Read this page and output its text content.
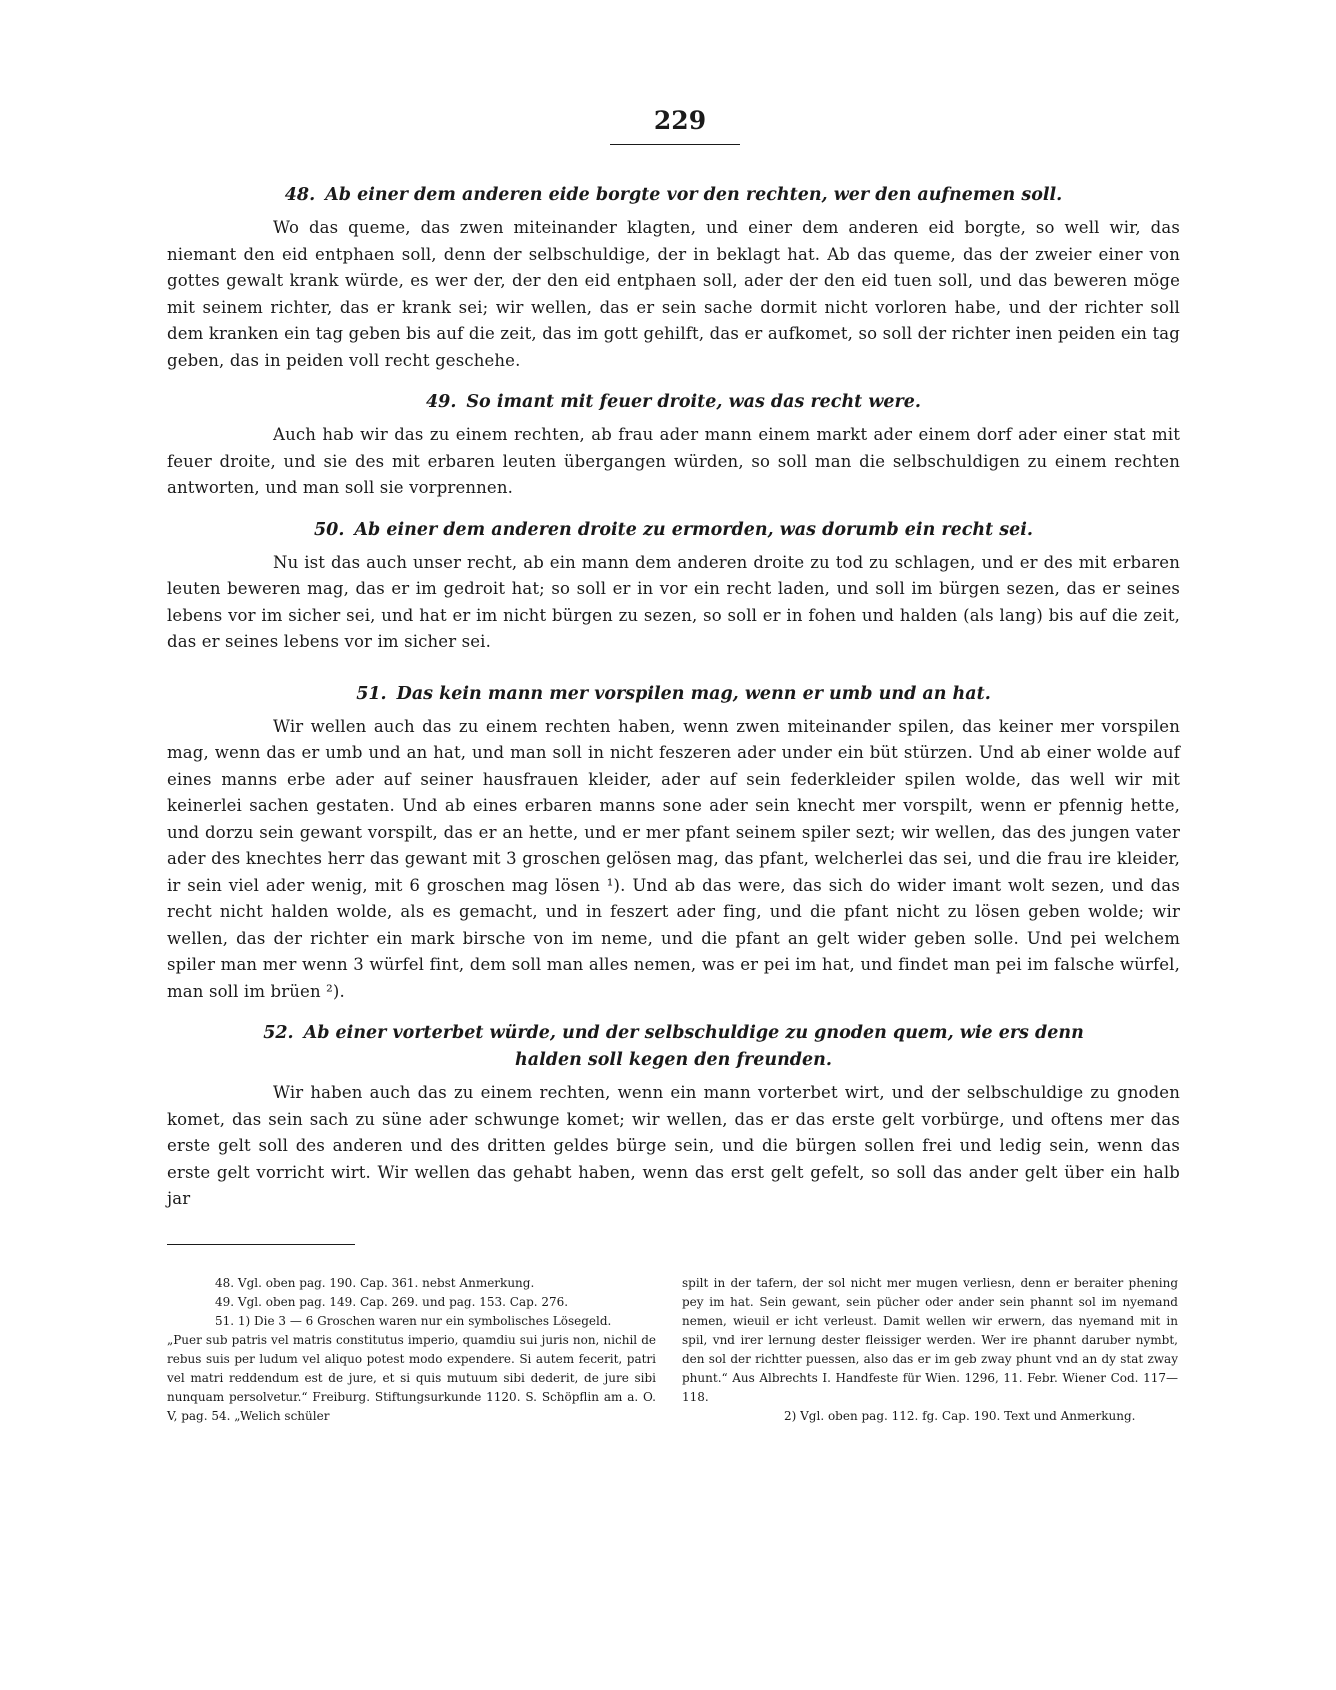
229
48. Ab einer dem anderen eide borgte vor den rechten, wer den aufnemen soll.

Wo das queme, das zwen miteinander klagten, und einer dem anderen eid borgte, so well wir, das niemant den eid entphaen soll, denn der selbschuldige, der in beklagt hat. Ab das queme, das der zweier einer von gottes gewalt krank würde, es wer der, der den eid entphaen soll, ader der den eid tuen soll, und das beweren möge mit seinem richter, das er krank sei; wir wellen, das er sein sache dormit nicht vorloren habe, und der richter soll dem kranken ein tag geben bis auf die zeit, das im gott gehilft, das er aufkomet, so soll der richter inen peiden ein tag geben, das in peiden voll recht geschehe.

49. So imant mit feuer droite, was das recht were.

Auch hab wir das zu einem rechten, ab frau ader mann einem markt ader einem dorf ader einer stat mit feuer droite, und sie des mit erbaren leuten übergangen würden, so soll man die selbschuldigen zu einem rechten antworten, und man soll sie vorprennen.

50. Ab einer dem anderen droite zu ermorden, was dorumb ein recht sei.

Nu ist das auch unser recht, ab ein mann dem anderen droite zu tod zu schlagen, und er des mit erbaren leuten beweren mag, das er im gedroit hat; so soll er in vor ein recht laden, und soll im bürgen sezen, das er seines lebens vor im sicher sei, und hat er im nicht bürgen zu sezen, so soll er in fohen und halden (als lang) bis auf die zeit, das er seines lebens vor im sicher sei.

51. Das kein mann mer vorspilen mag, wenn er umb und an hat.

Wir wellen auch das zu einem rechten haben, wenn zwen miteinander spilen, das keiner mer vorspilen mag, wenn das er umb und an hat, und man soll in nicht feszeren ader under ein büt stürzen. Und ab einer wolde auf eines manns erbe ader auf seiner hausfrauen kleider, ader auf sein federkleider spilen wolde, das well wir mit keinerlei sachen gestaten. Und ab eines erbaren manns sone ader sein knecht mer vorspilt, wenn er pfennig hette, und dorzu sein gewant vorspilt, das er an hette, und er mer pfant seinem spiler sezt; wir wellen, das des jungen vater ader des knechtes herr das gewant mit 3 groschen gelösen mag, das pfant, welcherlei das sei, und die frau ire kleider, ir sein viel ader wenig, mit 6 groschen mag lösen ¹). Und ab das were, das sich do wider imant wolt sezen, und das recht nicht halden wolde, als es gemacht, und in feszert ader fing, und die pfant nicht zu lösen geben wolde; wir wellen, das der richter ein mark birsche von im neme, und die pfant an gelt wider geben solle. Und pei welchem spiler man mer wenn 3 würfel fint, dem soll man alles nemen, was er pei im hat, und findet man pei im falsche würfel, man soll im brüen ²).

52. Ab einer vorterbet würde, und der selbschuldige zu gnoden quem, wie ers denn halden soll kegen den freunden.

Wir haben auch das zu einem rechten, wenn ein mann vorterbet wirt, und der selbschuldige zu gnoden komet, das sein sach zu süne ader schwunge komet; wir wellen, das er das erste gelt vorbürge, und oftens mer das erste gelt soll des anderen und des dritten geldes bürge sein, und die bürgen sollen frei und ledig sein, wenn das erste gelt vorricht wirt. Wir wellen das gehabt haben, wenn das erst gelt gefelt, so soll das ander gelt über ein halb jar

48. Vgl. oben pag. 190. Cap. 361. nebst Anmerkung.

49. Vgl. oben pag. 149. Cap. 269. und pag. 153. Cap. 276.

51. 1) Die 3 — 6 Groschen waren nur ein symbolisches Lösegeld.

„Puer sub patris vel matris constitutus imperio, quamdiu sui juris non, nichil de rebus suis per ludum vel aliquo potest modo expendere. Si autem fecerit, patri vel matri reddendum est de jure, et si quis mutuum sibi dederit, de jure sibi nunquam persolvetur.“ Freiburg. Stiftungsurkunde 1120. S. Schöpflin am a. O. V, pag. 54. „Welich schüler

spilt in der tafern, der sol nicht mer mugen verliesn, denn er beraiter phening pey im hat. Sein gewant, sein pücher oder ander sein phannt sol im nyemand nemen, wieuil er icht verleust. Damit wellen wir erwern, das nyemand mit in spil, vnd irer lernung dester fleissiger werden. Wer ire phannt daruber nymbt, den sol der richtter puessen, also das er im geb zway phunt vnd an dy stat zway phunt.“ Aus Albrechts I. Handfeste für Wien. 1296, 11. Febr. Wiener Cod. 117—118.

2) Vgl. oben pag. 112. fg. Cap. 190. Text und Anmerkung.
